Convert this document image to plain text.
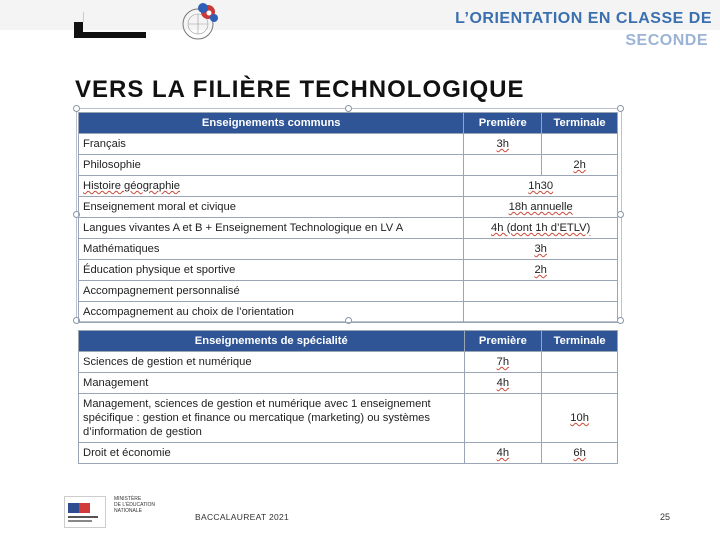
L’ORIENTATION EN CLASSE DE
SECONDE
VERS LA FILIÈRE TECHNOLOGIQUE
Enseignements communs	Première	Terminale
Français	3h	
Philosophie		2h
Histoire géographie	1h30	
Enseignement moral et civique	18h annuelle	
Langues vivantes A et B + Enseignement Technologique en LV A	4h (dont 1h d’ETLV)	
Mathématiques	3h	
Éducation physique et sportive	2h	
Accompagnement personnalisé		
Accompagnement au choix de l’orientation		
Enseignements de spécialité	Première	Terminale
Sciences de gestion et numérique	7h	
Management	4h	

Management, sciences de gestion et numérique avec 1 enseignement
spécifique : gestion et finance ou mercatique (marketing) ou systèmes
d’information de gestion		10h
Droit et économie	4h	6h
MINISTÈRE
DE L’ÉDUCATION
NATIONALE
BACCALAUREAT 2021	25
